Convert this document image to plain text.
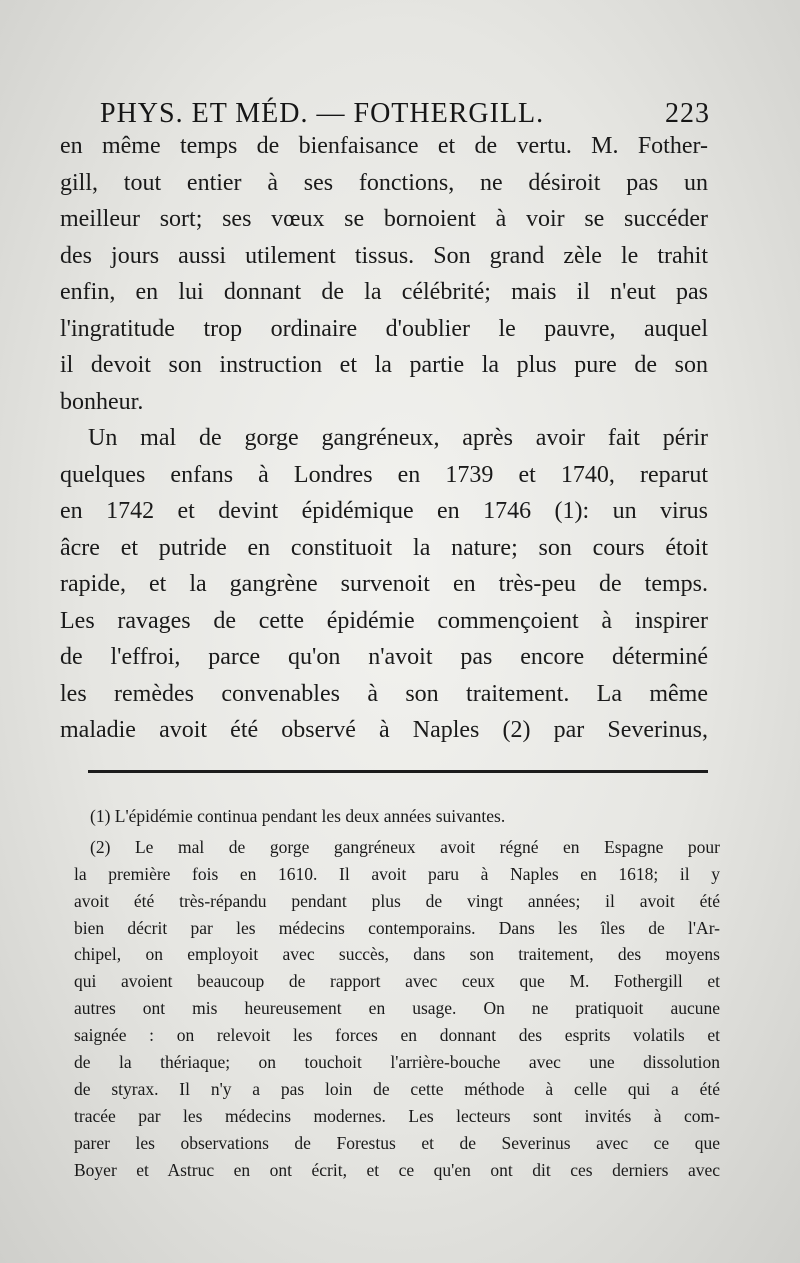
PHYS. ET MÉD. — FOTHERGILL.	223
en même temps de bienfaisance et de vertu. M. Fother-
gill, tout entier à ses fonctions, ne désiroit pas un
meilleur sort; ses vœux se bornoient à voir se succéder
des jours aussi utilement tissus. Son grand zèle le trahit
enfin, en lui donnant de la célébrité; mais il n'eut pas
l'ingratitude trop ordinaire d'oublier le pauvre, auquel
il devoit son instruction et la partie la plus pure de son
bonheur.
Un mal de gorge gangréneux, après avoir fait périr
quelques enfans à Londres en 1739 et 1740, reparut
en 1742 et devint épidémique en 1746 (1): un virus
âcre et putride en constituoit la nature; son cours étoit
rapide, et la gangrène survenoit en très-peu de temps.
Les ravages de cette épidémie commençoient à inspirer
de l'effroi, parce qu'on n'avoit pas encore déterminé
les remèdes convenables à son traitement. La même
maladie avoit été observé à Naples (2) par Severinus,
(1) L'épidémie continua pendant les deux années suivantes.
(2) Le mal de gorge gangréneux avoit régné en Espagne pour
la première fois en 1610. Il avoit paru à Naples en 1618; il y
avoit été très-répandu pendant plus de vingt années; il avoit été
bien décrit par les médecins contemporains. Dans les îles de l'Ar-
chipel, on employoit avec succès, dans son traitement, des moyens
qui avoient beaucoup de rapport avec ceux que M. Fothergill et
autres ont mis heureusement en usage. On ne pratiquoit aucune
saignée : on relevoit les forces en donnant des esprits volatils et
de la thériaque; on touchoit l'arrière-bouche avec une dissolution
de styrax. Il n'y a pas loin de cette méthode à celle qui a été
tracée par les médecins modernes. Les lecteurs sont invités à com-
parer les observations de Forestus et de Severinus avec ce que
Boyer et Astruc en ont écrit, et ce qu'en ont dit ces derniers avec
